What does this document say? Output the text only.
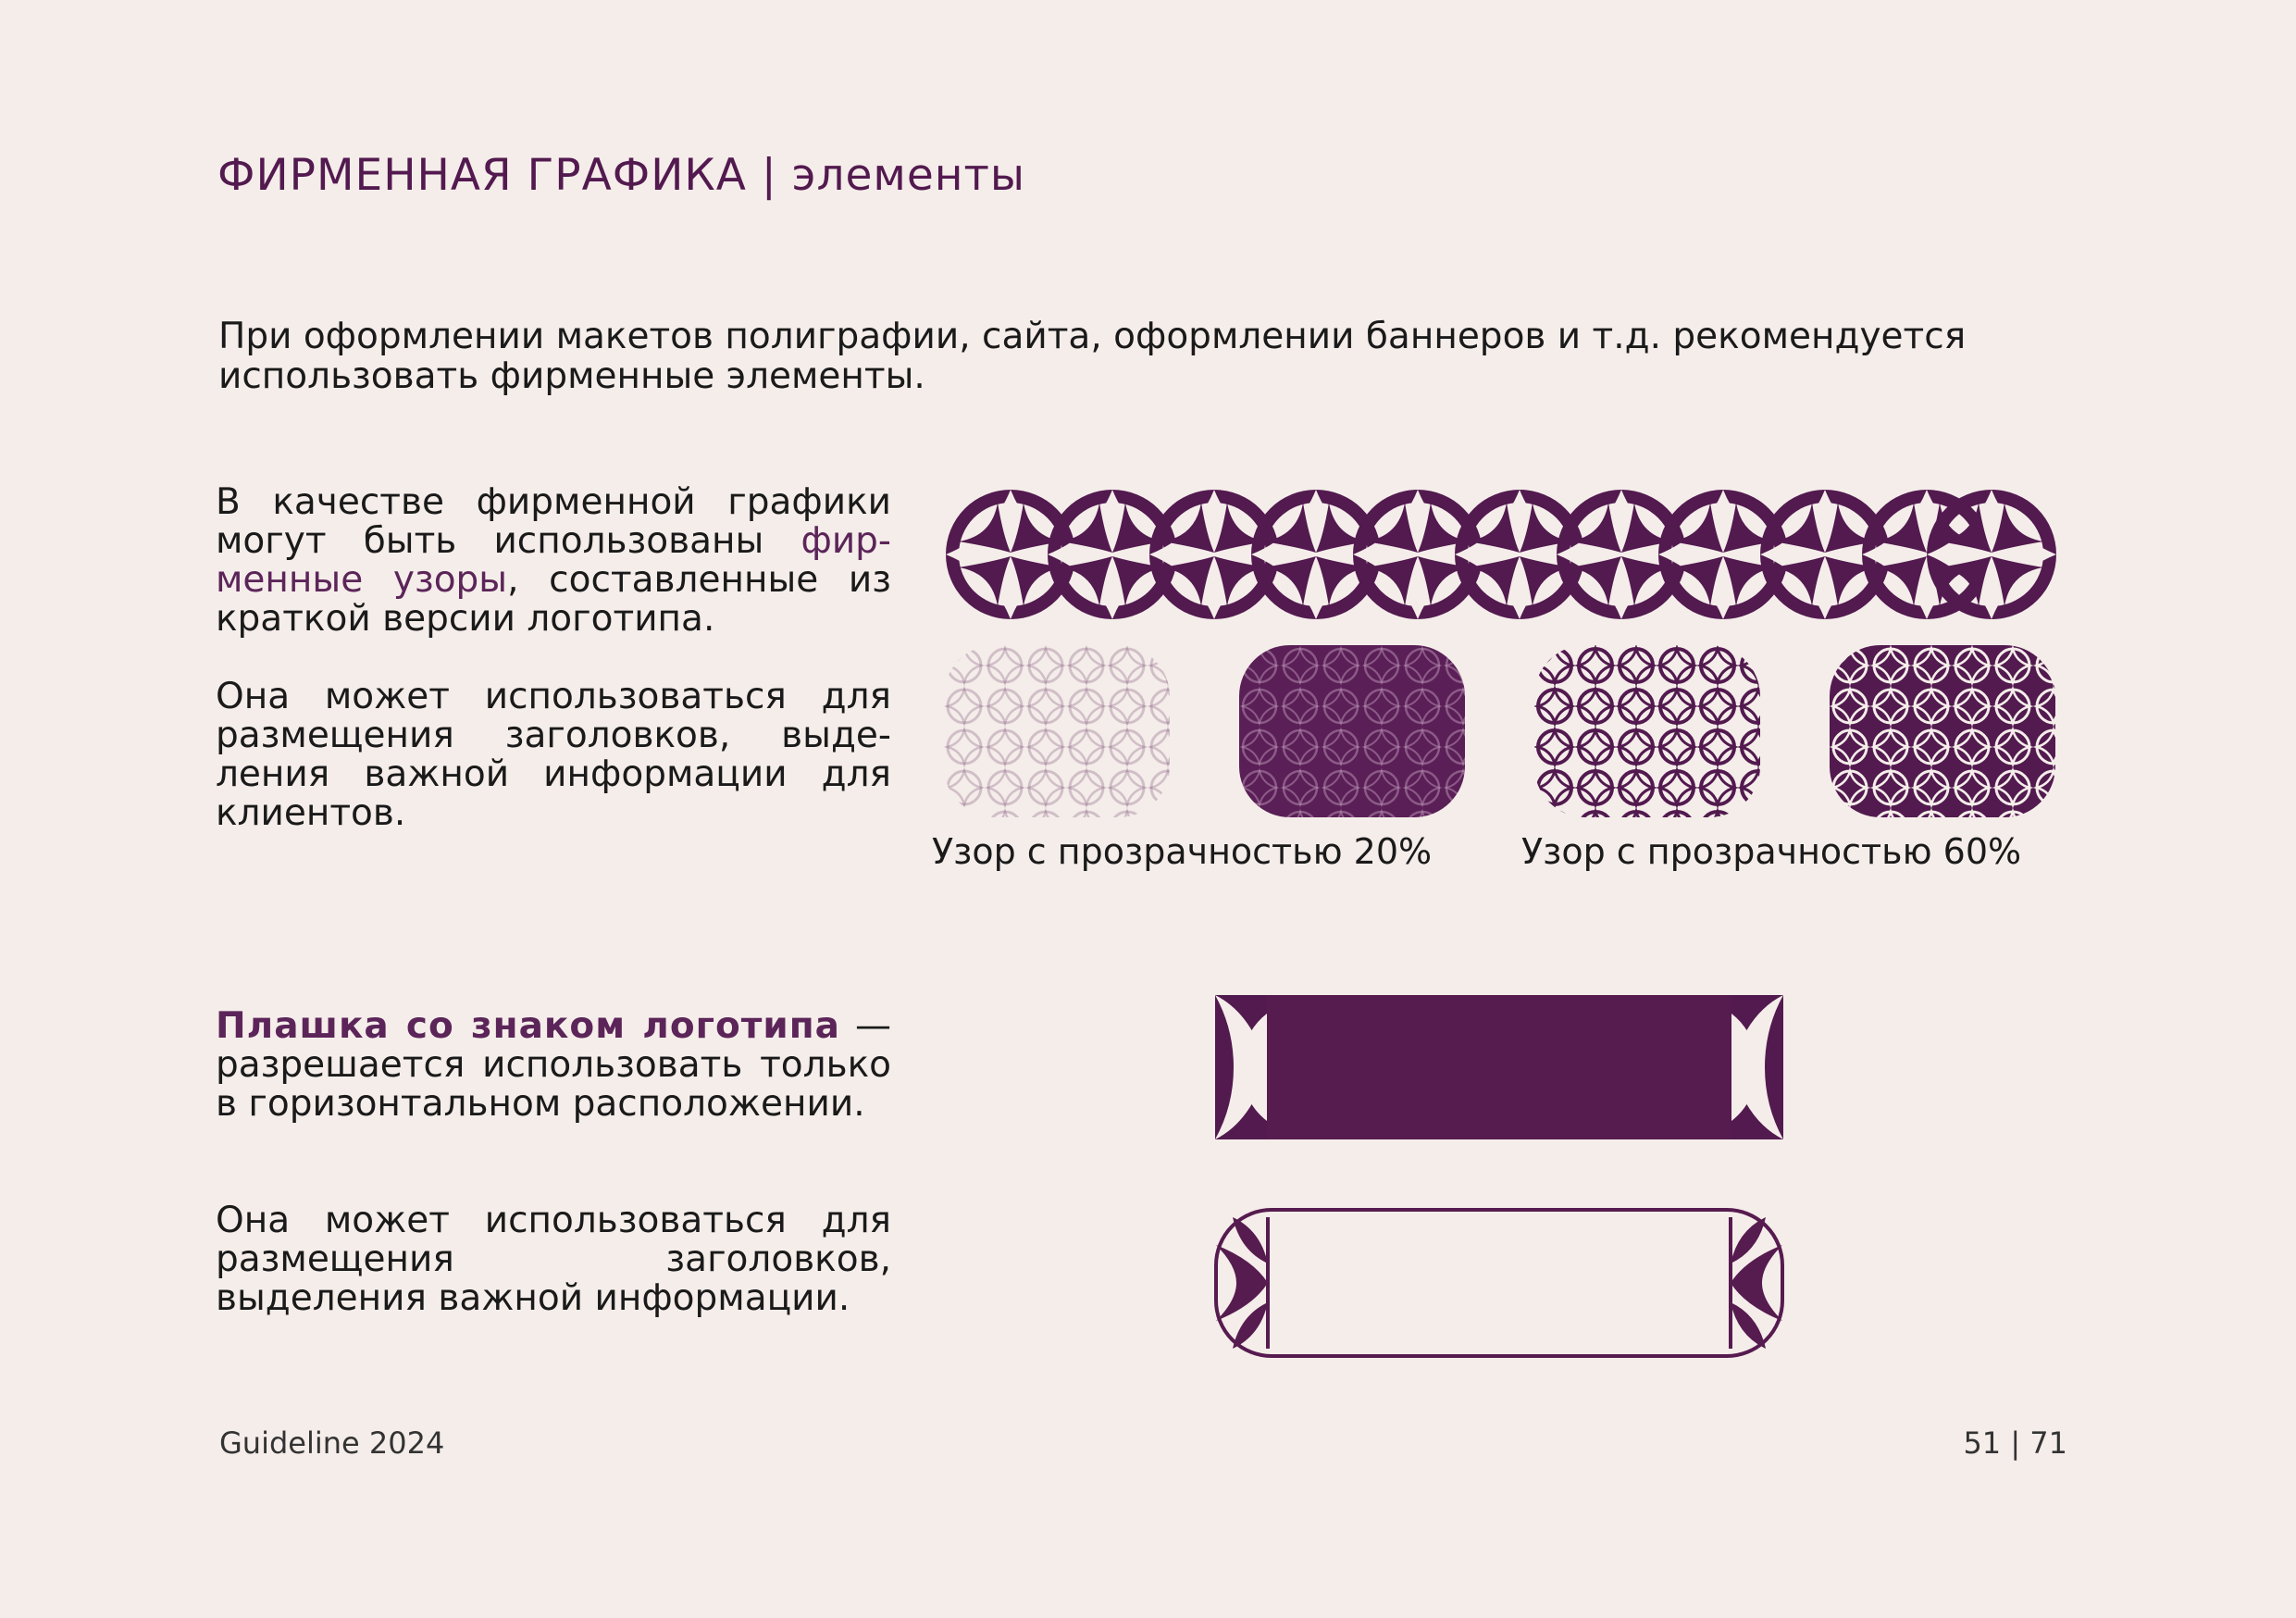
ФИРМЕННАЯ ГРАФИКА | элементы

При оформлении макетов полиграфии, сайта, оформлении баннеров и т.д. рекомендуется использовать фирменные элементы.

В качестве фирменной графики могут быть использованы фирменные узоры, составленные из краткой версии логотипа.

Она может использоваться для размещения заголовков, выделения важной информации для клиентов.

Узор с прозрачностью 20%	Узор с прозрачностью 60%

Плашка со знаком логотипа — разрешается использовать только в горизонтальном расположении.

Она может использоваться для размещения заголовков, выделения важной информации.

Guideline 2024	51 | 71
